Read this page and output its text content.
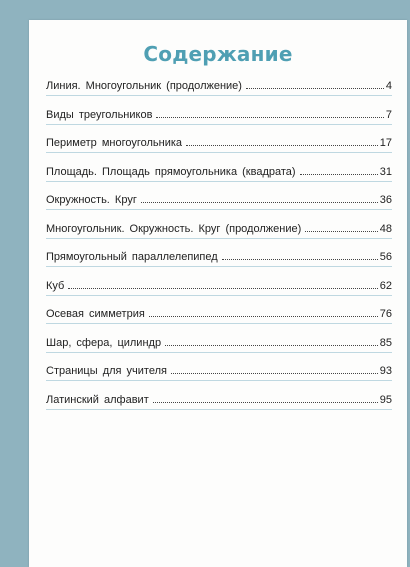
Содержание
Линия. Многоугольник (продолжение)	4
Виды треугольников	7
Периметр многоугольника	17
Площадь. Площадь прямоугольника (квадрата)	31
Окружность. Круг	36
Многоугольник. Окружность. Круг (продолжение)	48
Прямоугольный параллелепипед	56
Куб	62
Осевая симметрия	76
Шар, сфера, цилиндр	85
Страницы для учителя	93
Латинский алфавит	95
